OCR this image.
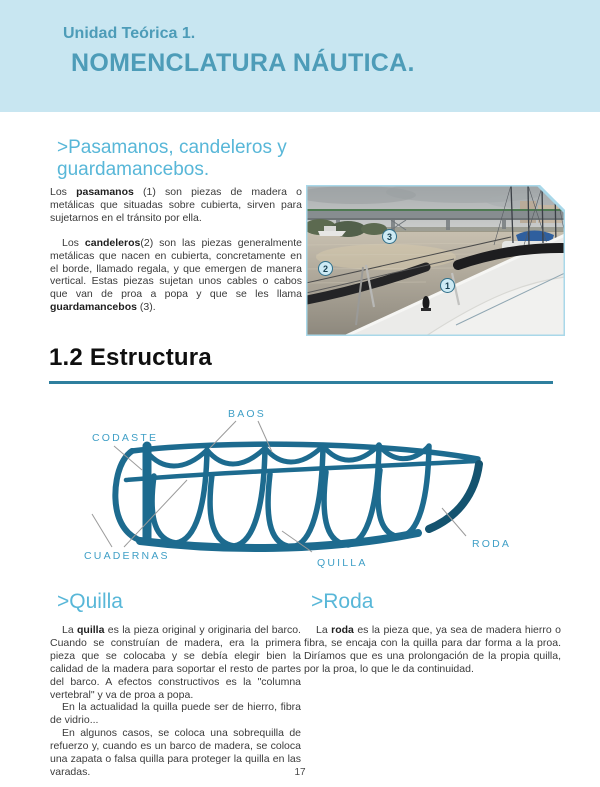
Unidad Teórica 1.
NOMENCLATURA NÁUTICA.
>Pasamanos, candeleros y guardamancebos.

Los pasamanos (1) son piezas de madera o metálicas que situadas sobre cubierta, sirven para sujetarnos en el tránsito por ella.

Los candeleros(2) son las piezas generalmente metálicas que nacen en cubierta, concretamente en el borde, llamado regala, y que emergen de manera vertical. Estas piezas sujetan unos cables o cabos que van de proa a popa y que se les llama guardamancebos (3).

1
2
3
1.2 Estructura
BAOS
CODASTE
CUADERNAS
QUILLA
RODA
>Quilla

La quilla es la pieza original y originaria del barco. Cuando se construían de madera, era la primera pieza que se colocaba y se debía elegir bien la calidad de la madera para soportar el resto de partes del barco. A efectos constructivos es la "columna vertebral" y va de proa a popa.

En la actualidad la quilla puede ser de hierro, fibra de vidrio...

En algunos casos, se coloca una sobrequilla de refuerzo y, cuando es un barco de madera, se coloca una zapata o falsa quilla para proteger la quilla en las varadas.

>Roda

La roda es la pieza que, ya sea de madera hierro o fibra, se encaja con la quilla para dar forma a la proa. Diríamos que es una prolongación de la propia quilla, por la proa, lo que le da continuidad.

17
